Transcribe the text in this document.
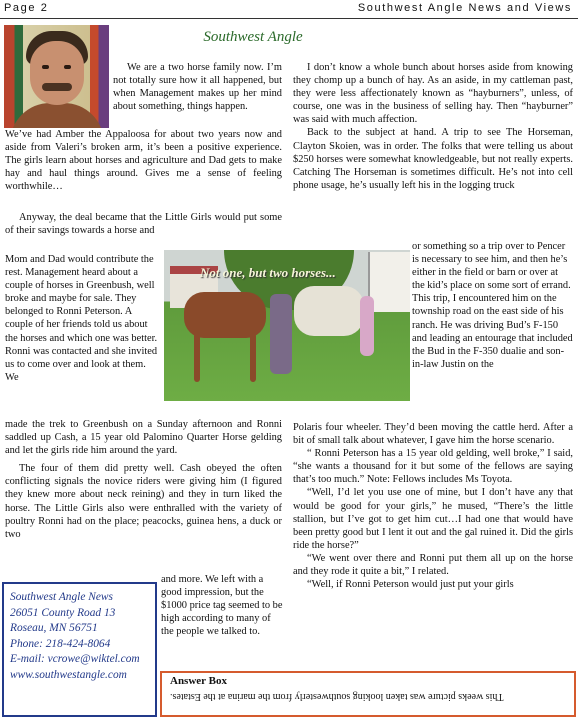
Page 2	Southwest Angle News and Views
Southwest Angle

We are a two horse family now. I’m not totally sure how it all happened, but when Management makes up her mind about something, things happen.

We’ve had Amber the Appaloosa for about two years now and aside from Valeri’s broken arm, it’s been a positive experience. The girls learn about horses and agriculture and Dad gets to make hay and haul things around. Gives me a sense of feeling worthwhile…

Anyway, the deal became that the Little Girls would put some of their savings towards a horse and

Mom and Dad would contribute the rest. Management heard about a couple of horses in Greenbush, well broke and maybe for sale. They belonged to Ronni Peterson. A couple of her friends told us about the horses and which one was better. Ronni was contacted and she invited us to come over and look at them. We

made the trek to Greenbush on a Sunday afternoon and Ronni saddled up Cash, a 15 year old Palomino Quarter Horse gelding and let the girls ride him around the yard.

The four of them did pretty well. Cash obeyed the often conflicting signals the novice riders were giving him (I figured they knew more about neck reining) and they in turn liked the horse. The Little Girls also were enthralled with the variety of poultry Ronni had on the place; peacocks, guinea hens, a duck or two

and more. We left with a good impression, but the $1000 price tag seemed to be high according to many of the people we talked to.

Not one, but two horses...

I don’t know a whole bunch about horses aside from knowing they chomp up a bunch of hay. As an aside, in my cattleman past, they were less affectionately known as “hayburners”, unless, of course, one was in the business of selling hay. Then “hayburner” was said with much affection.

Back to the subject at hand. A trip to see The Horseman, Clayton Skoien, was in order. The folks that were telling us about $250 horses were somewhat knowledgeable, but not really experts. Catching The Horseman is sometimes difficult. He’s not into cell phone usage, he’s usually left his in the logging truck

or something so a trip over to Pencer is necessary to see him, and then he’s either in the field or barn or over at the kid’s place on some sort of errand. This trip, I encountered him on the township road on the east side of his ranch. He was driving Bud’s F-150 and leading an entourage that included the Bud in the F-350 dualie and son-in-law Justin on the

Polaris four wheeler. They’d been moving the cattle herd. After a bit of small talk about whatever, I gave him the horse scenario.

“ Ronni Peterson has a 15 year old gelding, well broke,” I said, “she wants a thousand for it but some of the fellows are saying that’s too much.” Note: Fellows includes Ms Toyota.

“Well, I’d let you use one of mine, but I don’t have any that would be good for your girls,” he mused, “There’s the little stallion, but I’ve got to get him cut…I had one that would have been pretty good but I lent it out and the gal ruined it. Did the girls ride the horse?”

“We went over there and Ronni put them all up on the horse and they rode it quite a bit,” I related.

“Well, if Ronni Peterson would just put your girls

Southwest Angle News
26051 County Road 13
Roseau, MN 56751
Phone: 218-424-8064
E-mail: vcrowe@wiktel.com
www.southwestangle.com
Answer Box
This weeks picture was taken looking southwesterly from the marina at the Estates.
